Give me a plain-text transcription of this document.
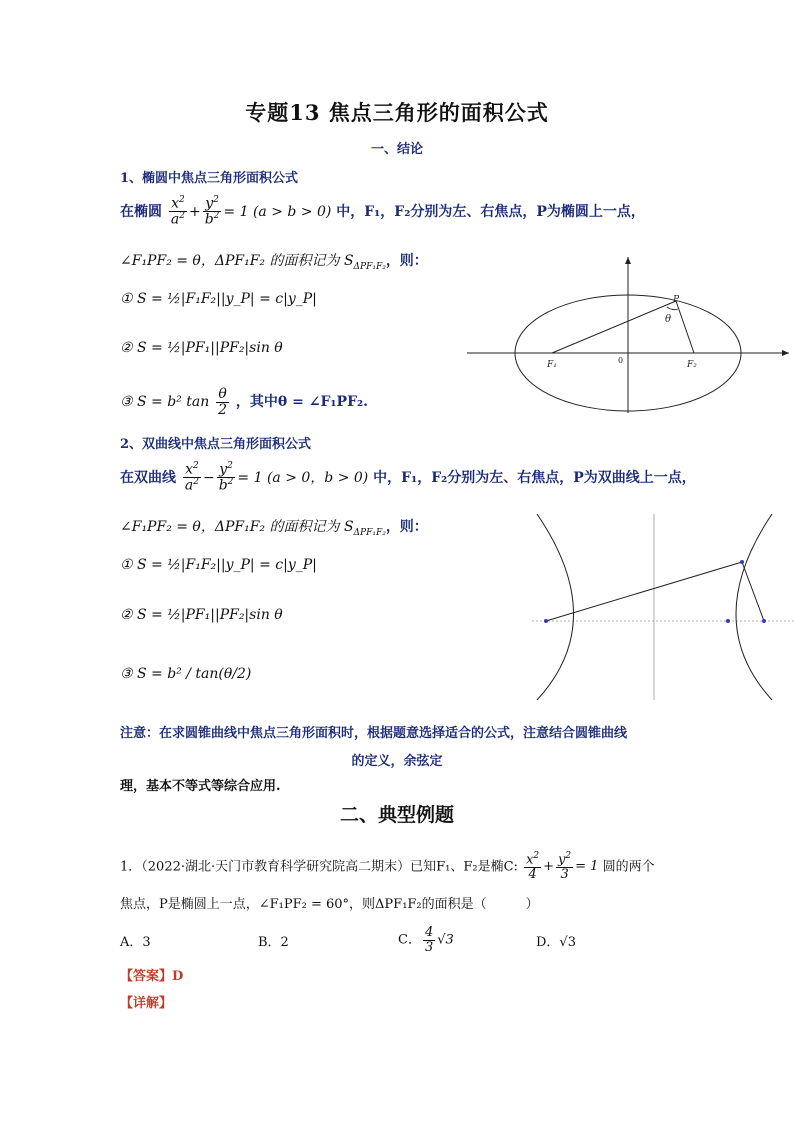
专题13 焦点三角形的面积公式
一、结论
1、椭圆中焦点三角形面积公式
在椭圆 $\frac{x^2}{a^2} + \frac{y^2}{b^2} = 1$ (a > b > 0) 中，F₁，F₂分别为左、右焦点，P为椭圆上一点，
∠F₁PF₂ = θ，ΔPF₁F₂ 的面积记为 $S_{\Delta PF_1F_2}$，则：
① S = ½|F₁F₂||y_P| = c|y_P|
② S = ½|PF₁||PF₂|sin θ
③ S = b² $\tan \frac{\theta}{2}$ ，其中θ = ∠F₁PF₂.
P
θ
F₁	F₂
0
2、双曲线中焦点三角形面积公式
在双曲线 $\frac{x^2}{a^2} - \frac{y^2}{b^2} = 1$ (a > 0，b > 0) 中，F₁，F₂分别为左、右焦点，P为双曲线上一点，
∠F₁PF₂ = θ，ΔPF₁F₂ 的面积记为 $S_{\Delta PF_1F_2}$，则：
① S = ½|F₁F₂||y_P| = c|y_P|
② S = ½|PF₁||PF₂|sin θ
③ S = b² / tan(θ/2)
注意：在求圆锥曲线中焦点三角形面积时，根据题意选择适合的公式，注意结合圆锥曲线
的定义，余弦定
理，基本不等式等综合应用.
二、典型例题
1．（2022·湖北·天门市教育科学研究院高二期末）已知F₁、F₂是椭C: $\frac{x^2}{4} + \frac{y^2}{3} = 1$ 圆的两个
焦点，P是椭圆上一点，∠F₁PF₂ = 60°，则ΔPF₁F₂的面积是（　　　）
A．3	B．2	C． $\frac{4}{3} √3$	D．√3
【答案】D
【详解】
